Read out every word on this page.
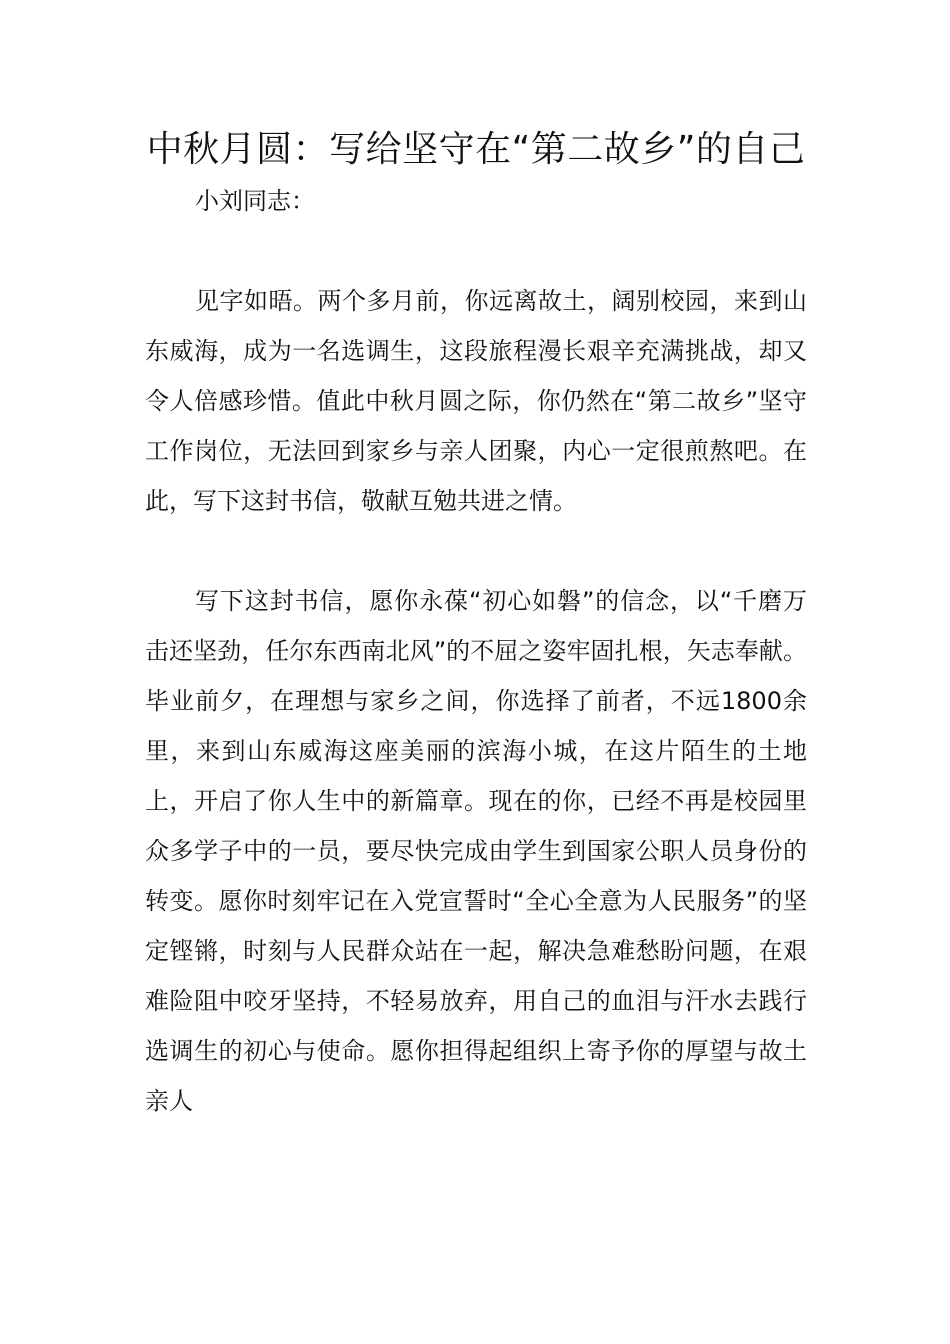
中秋月圆：写给坚守在“第二故乡”的自己

小刘同志：

见字如晤。两个多月前，你远离故土，阔别校园，来到山东威海，成为一名选调生，这段旅程漫长艰辛充满挑战，却又令人倍感珍惜。值此中秋月圆之际，你仍然在“第二故乡”坚守工作岗位，无法回到家乡与亲人团聚，内心一定很煎熬吧。在此，写下这封书信，敬献互勉共进之情。

写下这封书信，愿你永葆“初心如磐”的信念，以“千磨万击还坚劲，任尔东西南北风”的不屈之姿牢固扎根，矢志奉献。毕业前夕，在理想与家乡之间，你选择了前者，不远1800余里，来到山东威海这座美丽的滨海小城，在这片陌生的土地上，开启了你人生中的新篇章。现在的你，已经不再是校园里众多学子中的一员，要尽快完成由学生到国家公职人员身份的转变。愿你时刻牢记在入党宣誓时“全心全意为人民服务”的坚定铿锵，时刻与人民群众站在一起，解决急难愁盼问题，在艰难险阻中咬牙坚持，不轻易放弃，用自己的血泪与汗水去践行选调生的初心与使命。愿你担得起组织上寄予你的厚望与故土亲人
